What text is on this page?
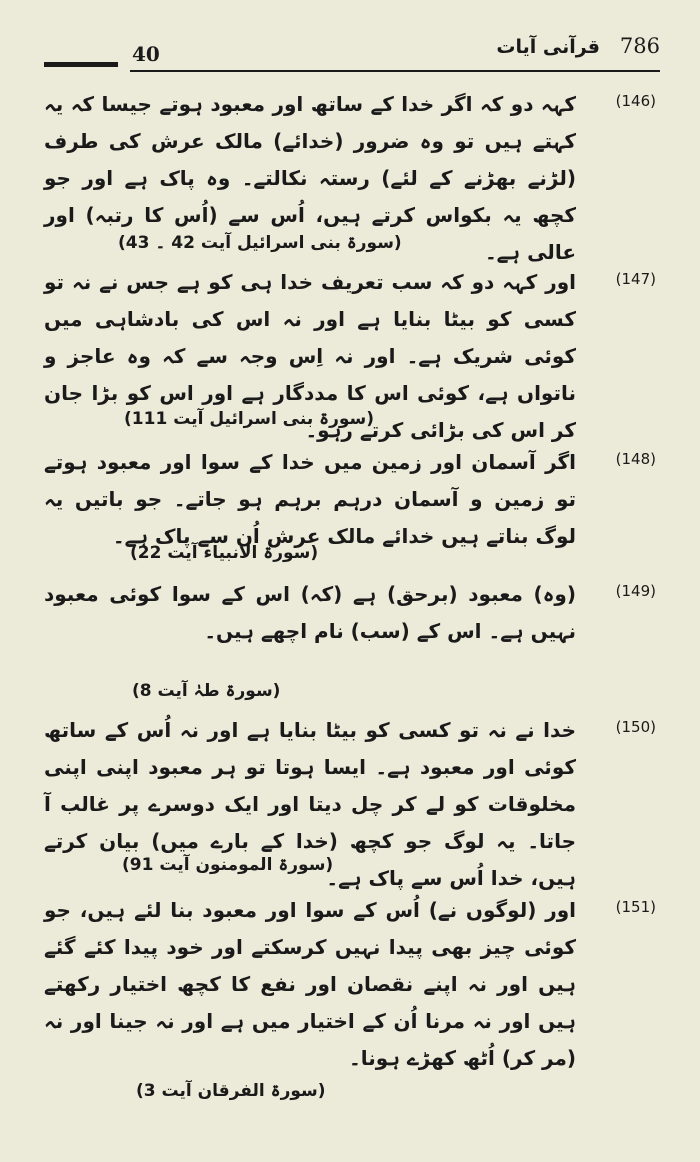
40	قرآنی آیات 786
(146)
کہہ دو کہ اگر خدا کے ساتھ اور معبود ہوتے جیسا کہ یہ کہتے ہیں تو وہ ضرور (خدائے) مالک عرش کی طرف (لڑنے بھڑنے کے لئے) رستہ نکالتے۔ وہ پاک ہے اور جو کچھ یہ بکواس کرتے ہیں، اُس سے (اُس کا رتبہ) اور عالی ہے۔
(سورۃ بنی اسرائیل آیت 42 ۔ 43)
(147)
اور کہہ دو کہ سب تعریف خدا ہی کو ہے جس نے نہ تو کسی کو بیٹا بنایا ہے اور نہ اس کی بادشاہی میں کوئی شریک ہے۔ اور نہ اِس وجہ سے کہ وہ عاجز و ناتواں ہے، کوئی اس کا مددگار ہے اور اس کو بڑا جان کر اس کی بڑائی کرتے رہو۔
(سورۃ بنی اسرائیل آیت 111)
(148)
اگر آسمان اور زمین میں خدا کے سوا اور معبود ہوتے تو زمین و آسمان درہم برہم ہو جاتے۔ جو باتیں یہ لوگ بناتے ہیں خدائے مالک عرش اُن سے پاک ہے۔
(سورۃ الانبیاء آیت 22)
(149)
(وہ) معبود (برحق) ہے (کہ) اس کے سوا کوئی معبود نہیں ہے۔ اس کے (سب) نام اچھے ہیں۔
(سورۃ طہٰ آیت 8)
(150)
خدا نے نہ تو کسی کو بیٹا بنایا ہے اور نہ اُس کے ساتھ کوئی اور معبود ہے۔ ایسا ہوتا تو ہر معبود اپنی اپنی مخلوقات کو لے کر چل دیتا اور ایک دوسرے پر غالب آ جاتا۔ یہ لوگ جو کچھ (خدا کے بارے میں) بیان کرتے ہیں، خدا اُس سے پاک ہے۔
(سورۃ المومنون آیت 91)
(151)
اور (لوگوں نے) اُس کے سوا اور معبود بنا لئے ہیں، جو کوئی چیز بھی پیدا نہیں کرسکتے اور خود پیدا کئے گئے ہیں اور نہ اپنے نقصان اور نفع کا کچھ اختیار رکھتے ہیں اور نہ مرنا اُن کے اختیار میں ہے اور نہ جینا اور نہ (مر کر) اُٹھ کھڑے ہونا۔
(سورۃ الفرقان آیت 3)
